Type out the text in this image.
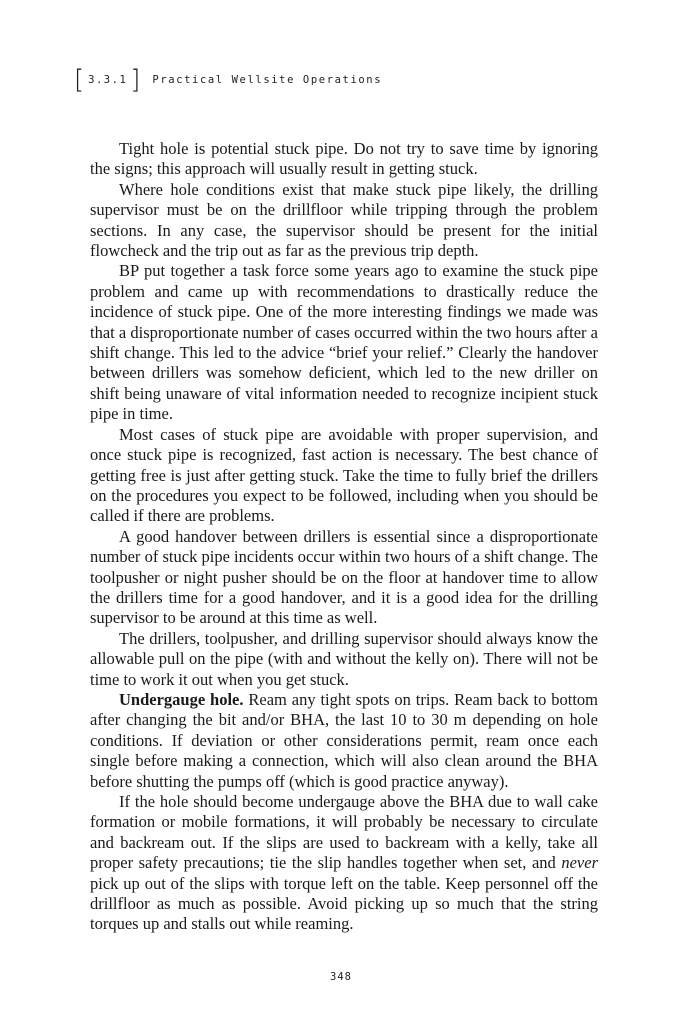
[ 3.3.1 ] Practical Wellsite Operations

Tight hole is potential stuck pipe. Do not try to save time by ignoring the signs; this approach will usually result in getting stuck.

Where hole conditions exist that make stuck pipe likely, the drilling supervisor must be on the drillfloor while tripping through the problem sections. In any case, the supervisor should be present for the initial flowcheck and the trip out as far as the previous trip depth.

BP put together a task force some years ago to examine the stuck pipe problem and came up with recommendations to drastically reduce the incidence of stuck pipe. One of the more interesting findings we made was that a disproportionate number of cases occurred within the two hours after a shift change. This led to the advice “brief your relief.” Clearly the handover between drillers was somehow deficient, which led to the new driller on shift being unaware of vital information needed to recognize incipient stuck pipe in time.

Most cases of stuck pipe are avoidable with proper supervision, and once stuck pipe is recognized, fast action is necessary. The best chance of getting free is just after getting stuck. Take the time to fully brief the drillers on the procedures you expect to be followed, including when you should be called if there are problems.

A good handover between drillers is essential since a disproportionate number of stuck pipe incidents occur within two hours of a shift change. The toolpusher or night pusher should be on the floor at handover time to allow the drillers time for a good handover, and it is a good idea for the drilling supervisor to be around at this time as well.

The drillers, toolpusher, and drilling supervisor should always know the allowable pull on the pipe (with and without the kelly on). There will not be time to work it out when you get stuck.

Undergauge hole. Ream any tight spots on trips. Ream back to bottom after changing the bit and/or BHA, the last 10 to 30 m depending on hole conditions. If deviation or other considerations permit, ream once each single before making a connection, which will also clean around the BHA before shutting the pumps off (which is good practice anyway).

If the hole should become undergauge above the BHA due to wall cake formation or mobile formations, it will probably be necessary to circulate and backream out. If the slips are used to backream with a kelly, take all proper safety precautions; tie the slip handles together when set, and never pick up out of the slips with torque left on the table. Keep personnel off the drillfloor as much as possible. Avoid picking up so much that the string torques up and stalls out while reaming.

348
